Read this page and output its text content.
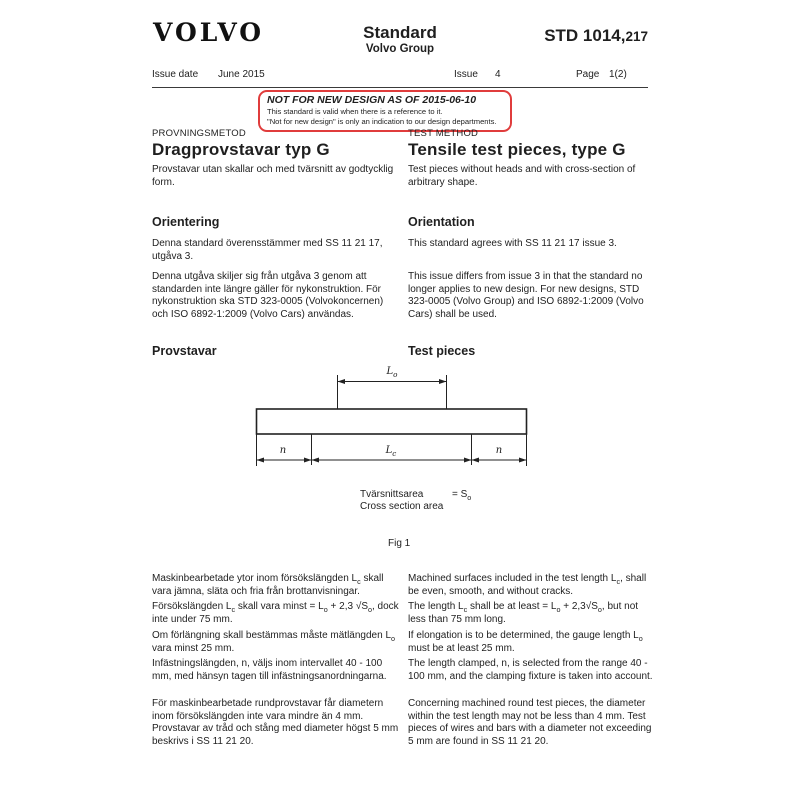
VOLVO	Standard
Volvo Group
STD 1014,217
Issue date June 2015	Issue 4	Page 1(2)
NOT FOR NEW DESIGN AS OF 2015-06-10
This standard is valid when there is a reference to it.
"Not for new design" is only an indication to our design departments.
PROVNINGSMETOD	TEST METHOD
Dragprovstavar typ G	Tensile test pieces, type G
Provstavar utan skallar och med tvärsnitt av godtycklig form.
Test pieces without heads and with cross-section of arbitrary shape.
Orientering	Orientation
Denna standard överensstämmer med SS 11 21 17, utgåva 3.
This standard agrees with SS 11 21 17 issue 3.
Denna utgåva skiljer sig från utgåva 3 genom att standarden inte längre gäller för nykonstruktion. För nykonstruktion ska STD 323-0005 (Volvokoncernen) och ISO 6892-1:2009 (Volvo Cars) användas.
This issue differs from issue 3 in that the standard no longer applies to new design. For new designs, STD 323-0005 (Volvo Group) and ISO 6892-1:2009 (Volvo Cars) shall be used.
Provstavar	Test pieces
$L_o$
n	$L_c$	n
Tvärsnittsarea
Cross section area
= $S_o$
Fig 1
Maskinbearbetade ytor inom försökslängden $L_c$ skall vara jämna, släta och fria från brottanvisningar.
Försökslängden $L_c$ skall vara minst = $L_o + 2,3$ $√S_o$, dock inte under 75 mm.
Om förlängning skall bestämmas måste mätlängden $L_o$ vara minst 25 mm.
Infästningslängden, n, väljs inom intervallet 40 - 100 mm, med hänsyn tagen till infästningsanordningarna.
För maskinbearbetade rundprovstavar får diametern inom försökslängden inte vara mindre än 4 mm. Provstavar av tråd och stång med diameter högst 5 mm beskrivs i SS 11 21 20.
Machined surfaces included in the test length $L_c$, shall be even, smooth, and without cracks.
The length $L_c$ shall be at least = $L_o + 2,3√S_o$, but not less than 75 mm long.
If elongation is to be determined, the gauge length $L_o$ must be at least 25 mm.
The length clamped, n, is selected from the range 40 - 100 mm, and the clamping fixture is taken into account.
Concerning machined round test pieces, the diameter within the test length may not be less than 4 mm. Test pieces of wires and bars with a diameter not exceeding 5 mm are found in SS 11 21 20.
